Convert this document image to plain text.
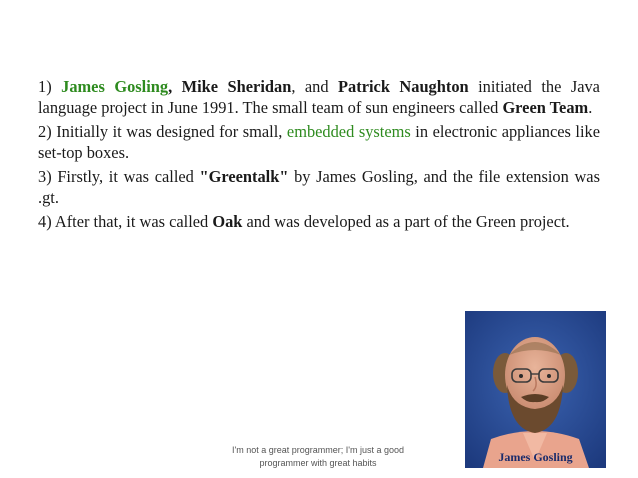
1) James Gosling, Mike Sheridan, and Patrick Naughton initiated the Java language project in June 1991. The small team of sun engineers called Green Team.

2) Initially it was designed for small, embedded systems in electronic appliances like set-top boxes.

3) Firstly, it was called "Greentalk" by James Gosling, and the file extension was .gt.

4) After that, it was called Oak and was developed as a part of the Green project.

James Gosling
I'm not a great programmer; I'm just a good
programmer with great habits
